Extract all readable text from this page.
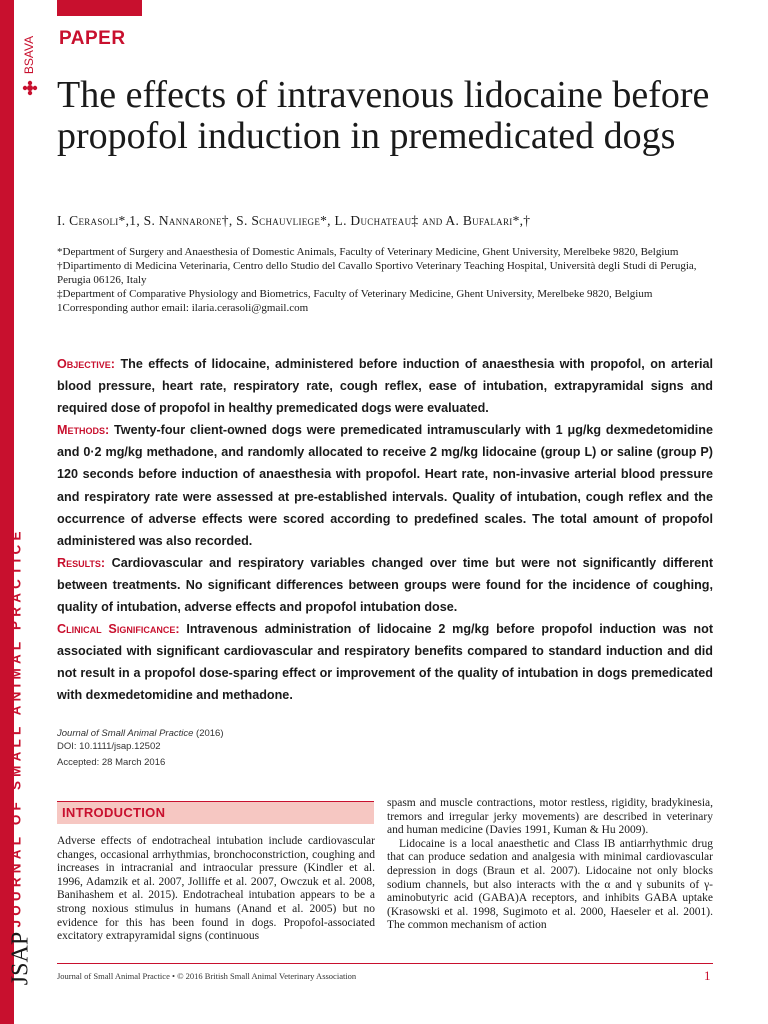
PAPER
BSAVA
JOURNAL OF SMALL ANIMAL PRACTICE
JSAP
The effects of intravenous lidocaine before propofol induction in premedicated dogs
I. Cerasoli*,1, S. Nannarone†, S. Schauvliege*, L. Duchateau‡ and A. Bufalari*,†
*Department of Surgery and Anaesthesia of Domestic Animals, Faculty of Veterinary Medicine, Ghent University, Merelbeke 9820, Belgium
†Dipartimento di Medicina Veterinaria, Centro dello Studio del Cavallo Sportivo Veterinary Teaching Hospital, Università degli Studi di Perugia, Perugia 06126, Italy
‡Department of Comparative Physiology and Biometrics, Faculty of Veterinary Medicine, Ghent University, Merelbeke 9820, Belgium
1Corresponding author email: ilaria.cerasoli@gmail.com

Objective: The effects of lidocaine, administered before induction of anaesthesia with propofol, on arterial blood pressure, heart rate, respiratory rate, cough reflex, ease of intubation, extrapyramidal signs and required dose of propofol in healthy premedicated dogs were evaluated.

Methods: Twenty-four client-owned dogs were premedicated intramuscularly with 1 μg/kg dexmedetomidine and 0·2 mg/kg methadone, and randomly allocated to receive 2 mg/kg lidocaine (group L) or saline (group P) 120 seconds before induction of anaesthesia with propofol. Heart rate, non-invasive arterial blood pressure and respiratory rate were assessed at pre-established intervals. Quality of intubation, cough reflex and the occurrence of adverse effects were scored according to predefined scales. The total amount of propofol administered was also recorded.

Results: Cardiovascular and respiratory variables changed over time but were not significantly different between treatments. No significant differences between groups were found for the incidence of coughing, quality of intubation, adverse effects and propofol intubation dose.

Clinical Significance: Intravenous administration of lidocaine 2 mg/kg before propofol induction was not associated with significant cardiovascular and respiratory benefits compared to standard induction and did not result in a propofol dose-sparing effect or improvement of the quality of intubation in dogs premedicated with dexmedetomidine and methadone.

Journal of Small Animal Practice (2016)
DOI: 10.1111/jsap.12502
Accepted: 28 March 2016
INTRODUCTION

Adverse effects of endotracheal intubation include cardiovascular changes, occasional arrhythmias, bronchoconstriction, coughing and increases in intracranial and intraocular pressure (Kindler et al. 1996, Adamzik et al. 2007, Jolliffe et al. 2007, Owczuk et al. 2008, Banihashem et al. 2015). Endotracheal intubation appears to be a strong noxious stimulus in humans (Anand et al. 2005) but no evidence for this has been found in dogs. Propofol-associated excitatory extrapyramidal signs (continuous

spasm and muscle contractions, motor restless, rigidity, bradykinesia, tremors and irregular jerky movements) are described in veterinary and human medicine (Davies 1991, Kuman & Hu 2009).

Lidocaine is a local anaesthetic and Class IB antiarrhythmic drug that can produce sedation and analgesia with minimal cardiovascular depression in dogs (Braun et al. 2007). Lidocaine not only blocks sodium channels, but also interacts with the α and γ subunits of γ-aminobutyric acid (GABA)A receptors, and inhibits GABA uptake (Krasowski et al. 1998, Sugimoto et al. 2000, Haeseler et al. 2001). The common mechanism of action

Journal of Small Animal Practice • © 2016 British Small Animal Veterinary Association	1
